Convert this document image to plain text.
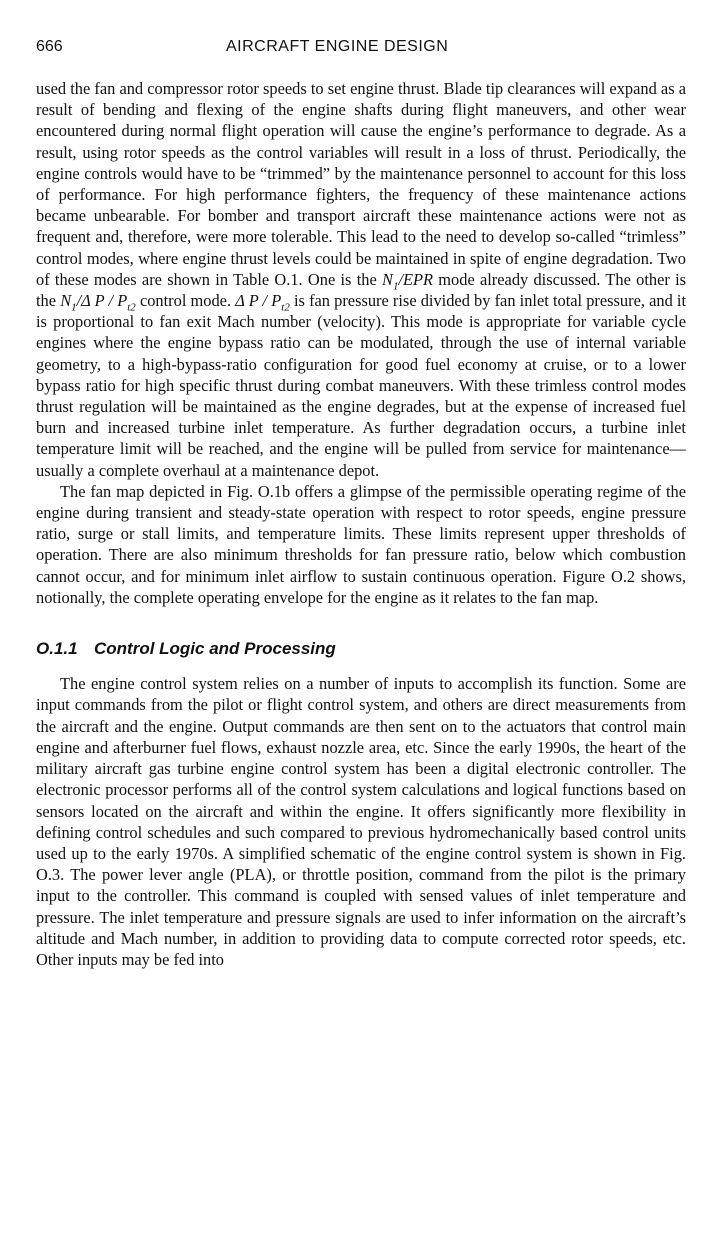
666	AIRCRAFT ENGINE DESIGN

used the fan and compressor rotor speeds to set engine thrust. Blade tip clearances will expand as a result of bending and flexing of the engine shafts during flight maneuvers, and other wear encountered during normal flight operation will cause the engine’s performance to degrade. As a result, using rotor speeds as the control variables will result in a loss of thrust. Periodically, the engine controls would have to be “trimmed” by the maintenance personnel to account for this loss of performance. For high performance fighters, the frequency of these maintenance actions became unbearable. For bomber and transport aircraft these maintenance actions were not as frequent and, therefore, were more tolerable. This lead to the need to develop so-called “trimless” control modes, where engine thrust levels could be maintained in spite of engine degradation. Two of these modes are shown in Table O.1. One is the $N_1$/EPR mode already discussed. The other is the $N_1/\Delta$ P / $P_{t2}$ control mode. Δ P / $P_{t2}$ is fan pressure rise divided by fan inlet total pressure, and it is proportional to fan exit Mach number (velocity). This mode is appropriate for variable cycle engines where the engine bypass ratio can be modulated, through the use of internal variable geometry, to a high-bypass-ratio configuration for good fuel economy at cruise, or to a lower bypass ratio for high specific thrust during combat maneuvers. With these trimless control modes thrust regulation will be maintained as the engine degrades, but at the expense of increased fuel burn and increased turbine inlet temperature. As further degradation occurs, a turbine inlet temperature limit will be reached, and the engine will be pulled from service for maintenance—usually a complete overhaul at a maintenance depot.

The fan map depicted in Fig. O.1b offers a glimpse of the permissible operating regime of the engine during transient and steady-state operation with respect to rotor speeds, engine pressure ratio, surge or stall limits, and temperature limits. These limits represent upper thresholds of operation. There are also minimum thresholds for fan pressure ratio, below which combustion cannot occur, and for minimum inlet airflow to sustain continuous operation. Figure O.2 shows, notionally, the complete operating envelope for the engine as it relates to the fan map.

O.1.1 Control Logic and Processing

The engine control system relies on a number of inputs to accomplish its function. Some are input commands from the pilot or flight control system, and others are direct measurements from the aircraft and the engine. Output commands are then sent on to the actuators that control main engine and afterburner fuel flows, exhaust nozzle area, etc. Since the early 1990s, the heart of the military aircraft gas turbine engine control system has been a digital electronic controller. The electronic processor performs all of the control system calculations and logical functions based on sensors located on the aircraft and within the engine. It offers significantly more flexibility in defining control schedules and such compared to previous hydromechanically based control units used up to the early 1970s. A simplified schematic of the engine control system is shown in Fig. O.3. The power lever angle (PLA), or throttle position, command from the pilot is the primary input to the controller. This command is coupled with sensed values of inlet temperature and pressure. The inlet temperature and pressure signals are used to infer information on the aircraft’s altitude and Mach number, in addition to providing data to compute corrected rotor speeds, etc. Other inputs may be fed into
